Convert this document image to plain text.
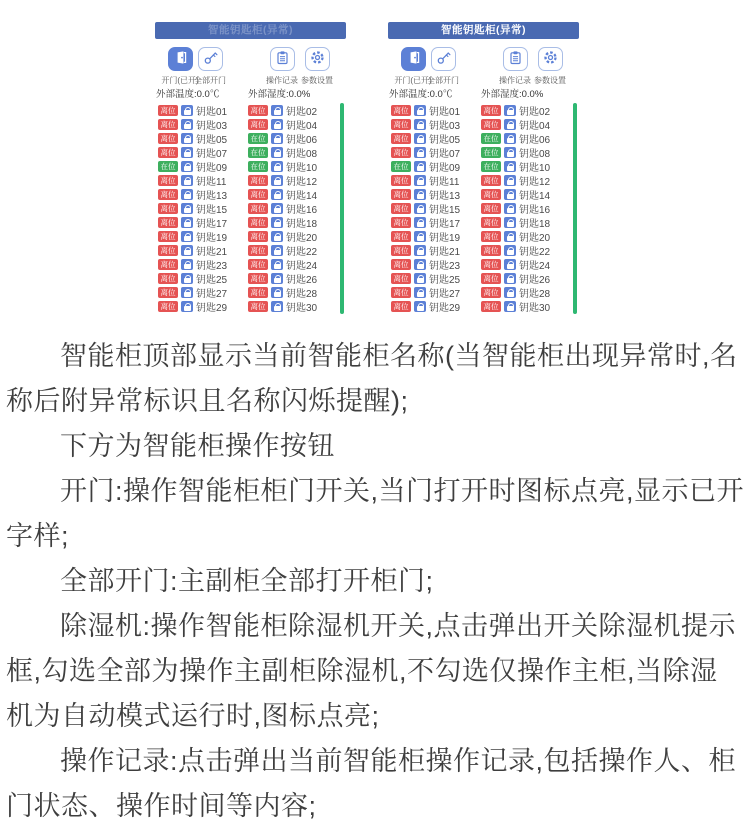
智能钥匙柜(异常)
开门(已开)
全部开门	操作记录 参数设置
外部温度:0.0℃	外部湿度:0.0%
离位 钥匙01
离位 钥匙03
离位 钥匙05
离位 钥匙07
在位 钥匙09
离位 钥匙11
离位 钥匙13
离位 钥匙15
离位 钥匙17
离位 钥匙19
离位 钥匙21
离位 钥匙23
离位 钥匙25
离位 钥匙27
离位 钥匙29
离位 钥匙02
离位 钥匙04
在位 钥匙06
在位 钥匙08
在位 钥匙10
离位 钥匙12
离位 钥匙14
离位 钥匙16
离位 钥匙18
离位 钥匙20
离位 钥匙22
离位 钥匙24
离位 钥匙26
离位 钥匙28
离位 钥匙30
智能钥匙柜(异常)
开门(已开)
全部开门	操作记录 参数设置
外部温度:0.0℃	外部湿度:0.0%
离位 钥匙01
离位 钥匙03
离位 钥匙05
离位 钥匙07
在位 钥匙09
离位 钥匙11
离位 钥匙13
离位 钥匙15
离位 钥匙17
离位 钥匙19
离位 钥匙21
离位 钥匙23
离位 钥匙25
离位 钥匙27
离位 钥匙29
离位 钥匙02
离位 钥匙04
在位 钥匙06
在位 钥匙08
在位 钥匙10
离位 钥匙12
离位 钥匙14
离位 钥匙16
离位 钥匙18
离位 钥匙20
离位 钥匙22
离位 钥匙24
离位 钥匙26
离位 钥匙28
离位 钥匙30

智能柜顶部显示当前智能柜名称(当智能柜出现异常时,名称后附异常标识且名称闪烁提醒);

下方为智能柜操作按钮

开门:操作智能柜柜门开关,当门打开时图标点亮,显示已开字样;

全部开门:主副柜全部打开柜门;

除湿机:操作智能柜除湿机开关,点击弹出开关除湿机提示框,勾选全部为操作主副柜除湿机,不勾选仅操作主柜,当除湿机为自动模式运行时,图标点亮;

操作记录:点击弹出当前智能柜操作记录,包括操作人、柜门状态、操作时间等内容;
